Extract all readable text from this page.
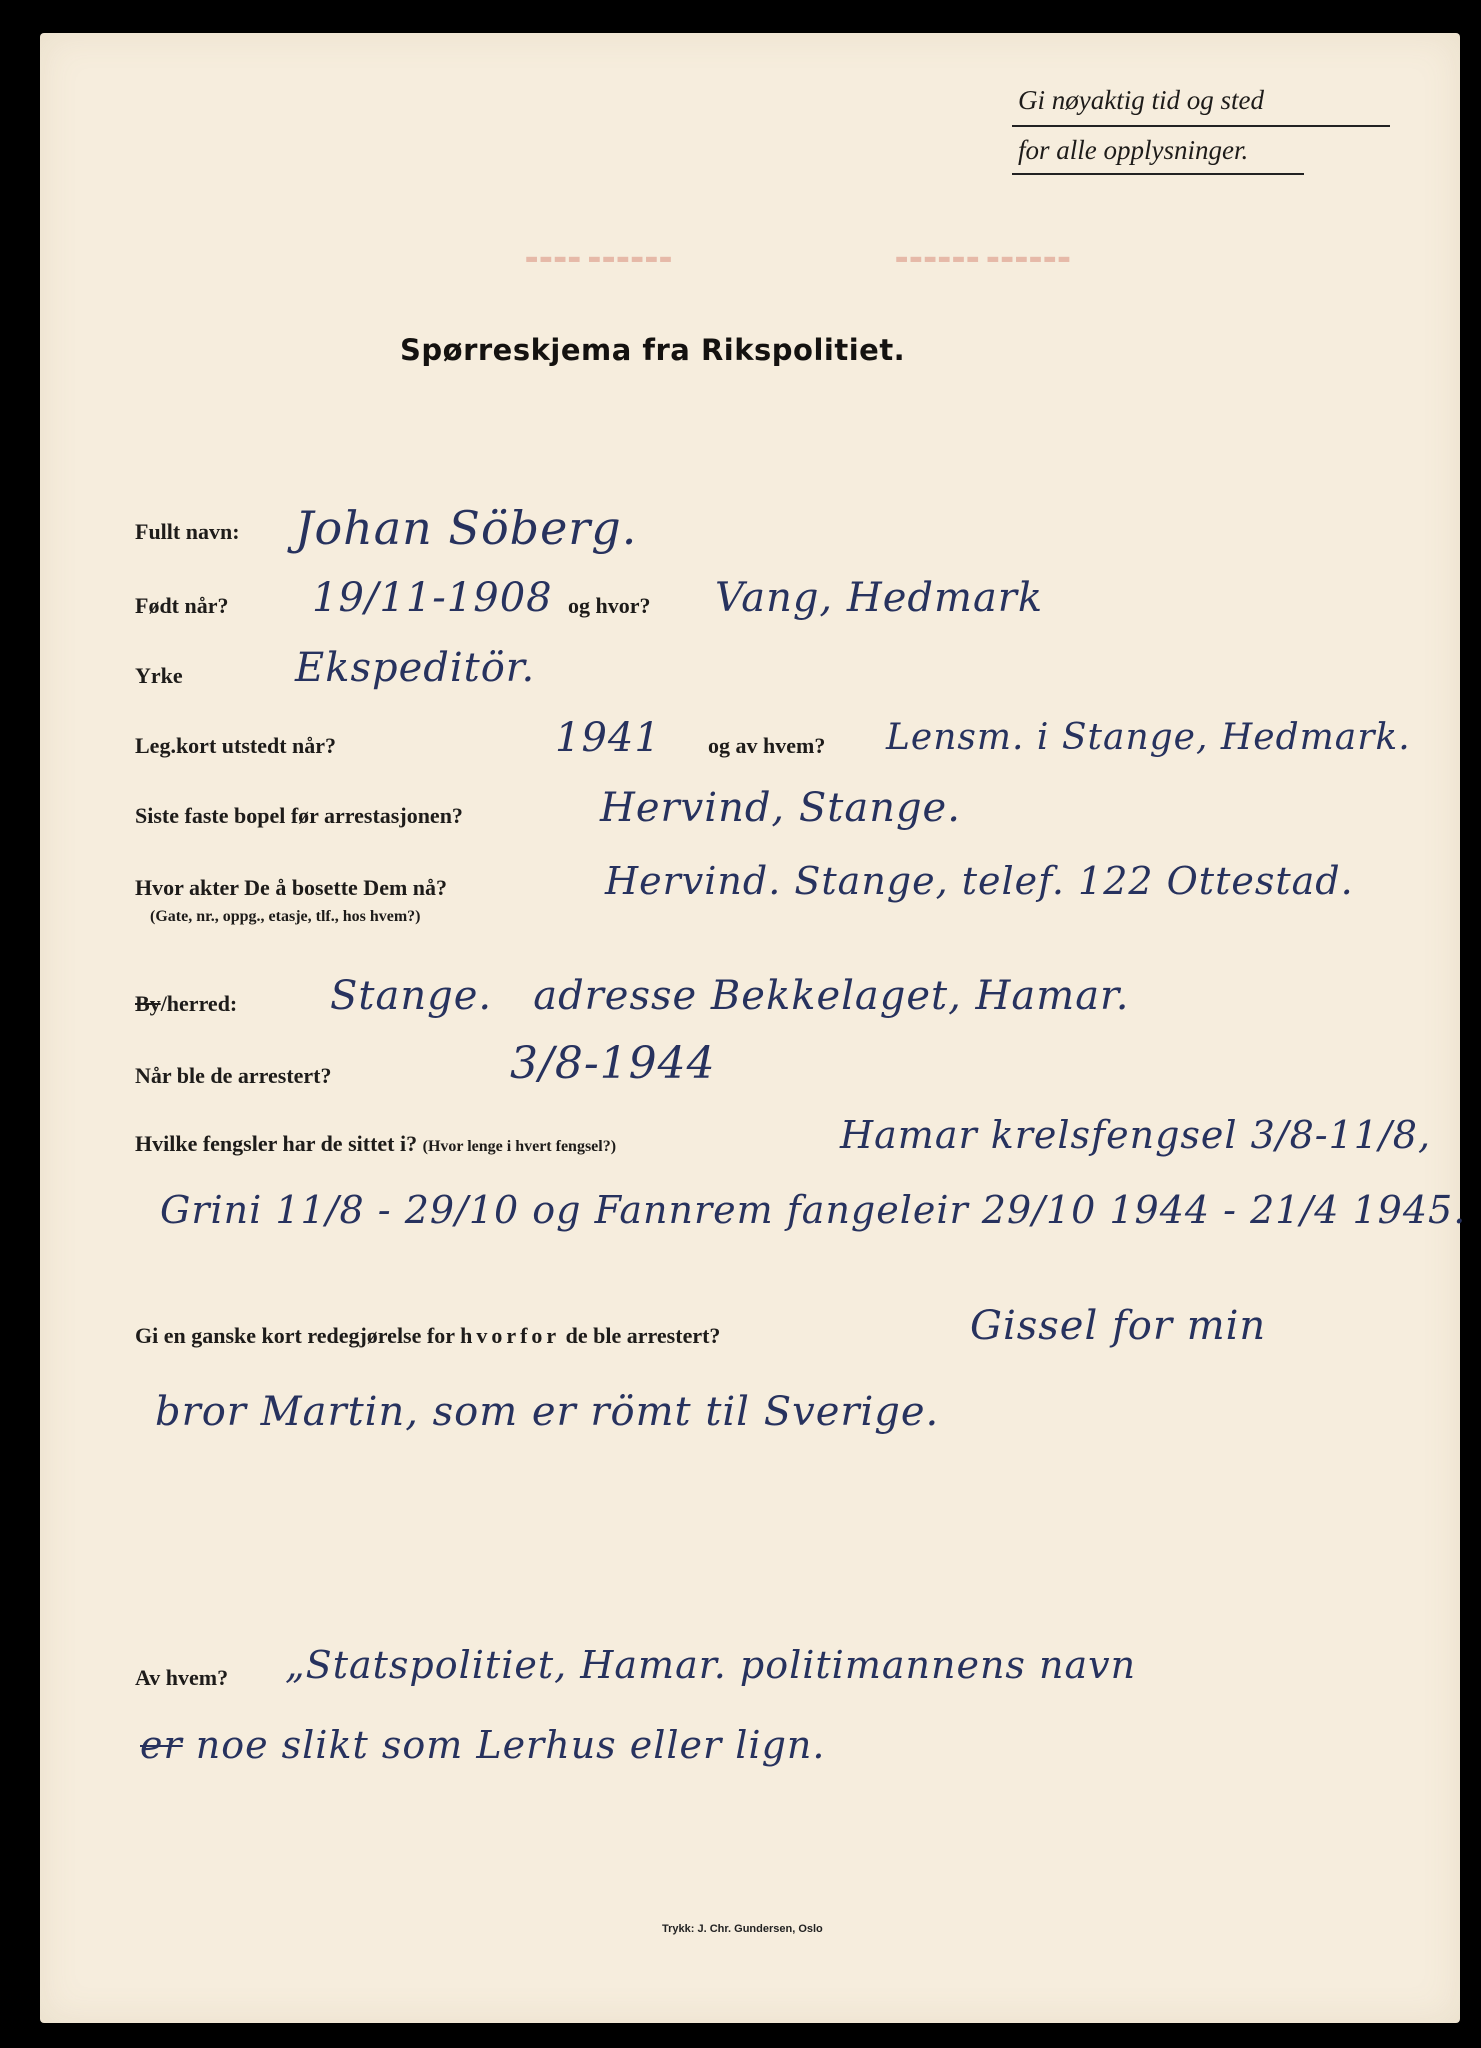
Gi nøyaktig tid og sted
for alle opplysninger.
▬▬▬▬ ▬▬▬▬▬▬	▬▬▬▬▬▬ ▬▬▬▬▬▬
Spørreskjema fra Rikspolitiet.
Fullt navn: Johan Söberg.
Født når? 19/11-1908 og hvor? Vang, Hedmark
Yrke	Ekspeditör.
Leg.kort utstedt når?	1941 og av hvem? Lensm. i Stange, Hedmark.
Siste faste bopel før arrestasjonen?	Hervind, Stange.
Hvor akter De å bosette Dem nå?
(Gate, nr., oppg., etasje, tlf., hos hvem?)
Hervind. Stange, telef. 122 Ottestad.
By/herred: Stange.   adresse Bekkelaget, Hamar.
Når ble de arrestert?	3/8-1944
Hvilke fengsler har de sittet i? (Hvor lenge i hvert fengsel?)	Hamar krelsfengsel 3/8-11/8,
Grini 11/8 - 29/10 og Fannrem fangeleir 29/10 1944 - 21/4 1945.
Gi en ganske kort redegjørelse for hvorfor de ble arrestert?	Gissel for min
bror Martin, som er römt til Sverige.
Av hvem? „Statspolitiet, Hamar. politimannens navn
er noe slikt som Lerhus eller lign.
Trykk: J. Chr. Gundersen, Oslo
